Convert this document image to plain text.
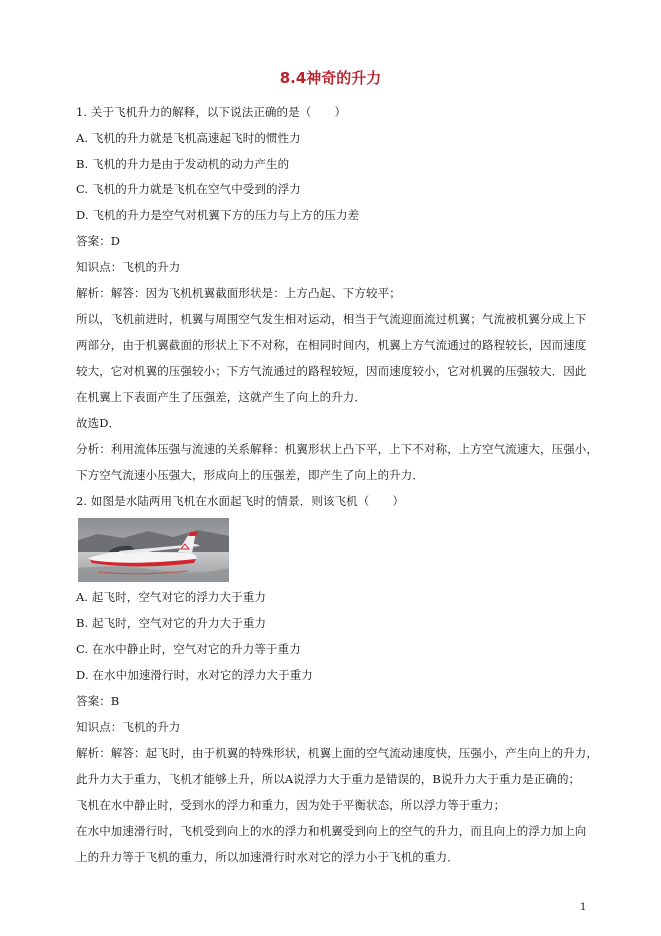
8.4神奇的升力
1. 关于飞机升力的解释，以下说法正确的是（　　）
A. 飞机的升力就是飞机高速起飞时的惯性力
B. 飞机的升力是由于发动机的动力产生的
C. 飞机的升力就是飞机在空气中受到的浮力
D. 飞机的升力是空气对机翼下方的压力与上方的压力差
答案：D
知识点：飞机的升力
解析：解答：因为飞机机翼截面形状是：上方凸起、下方较平；
所以，飞机前进时，机翼与周围空气发生相对运动，相当于气流迎面流过机翼；气流被机翼分成上下
两部分，由于机翼截面的形状上下不对称，在相同时间内，机翼上方气流通过的路程较长，因而速度
较大，它对机翼的压强较小；下方气流通过的路程较短，因而速度较小，它对机翼的压强较大．因此
在机翼上下表面产生了压强差，这就产生了向上的升力．
故选D．
分析：利用流体压强与流速的关系解释：机翼形状上凸下平，上下不对称，上方空气流速大，压强小，
下方空气流速小压强大，形成向上的压强差，即产生了向上的升力．
2. 如图是水陆两用飞机在水面起飞时的情景．则该飞机（　　）
A. 起飞时，空气对它的浮力大于重力
B. 起飞时，空气对它的升力大于重力
C. 在水中静止时，空气对它的升力等于重力
D. 在水中加速滑行时，水对它的浮力大于重力
答案：B
知识点：飞机的升力
解析：解答：起飞时，由于机翼的特殊形状，机翼上面的空气流动速度快，压强小，产生向上的升力，
此升力大于重力，飞机才能够上升，所以A说浮力大于重力是错误的，B说升力大于重力是正确的；
飞机在水中静止时，受到水的浮力和重力，因为处于平衡状态，所以浮力等于重力；
在水中加速滑行时，飞机受到向上的水的浮力和机翼受到向上的空气的升力，而且向上的浮力加上向
上的升力等于飞机的重力，所以加速滑行时水对它的浮力小于飞机的重力．
1
